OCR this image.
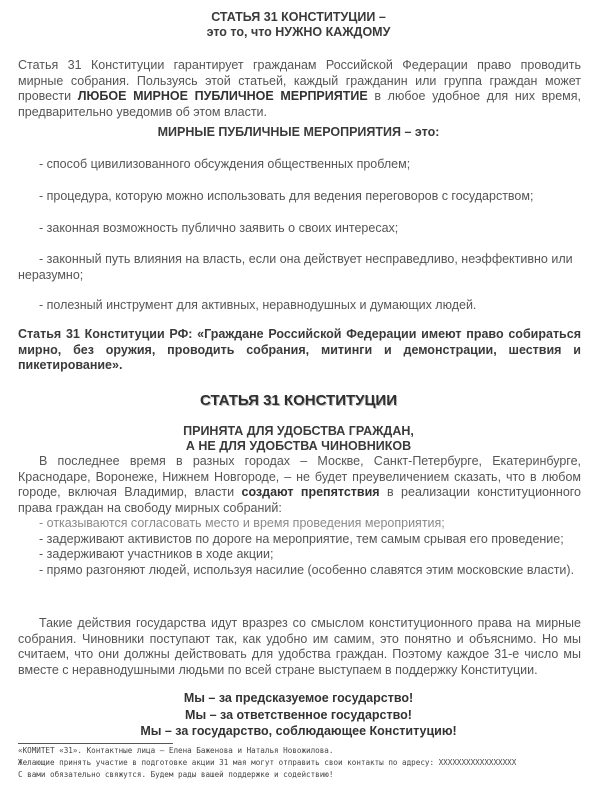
СТАТЬЯ 31 КОНСТИТУЦИИ –
это то, что НУЖНО КАЖДОМУ
Статья 31 Конституции гарантирует гражданам Российской Федерации право проводить мирные собрания. Пользуясь этой статьей, каждый гражданин или группа граждан может провести ЛЮБОЕ МИРНОЕ ПУБЛИЧНОЕ МЕРПРИЯТИЕ в любое удобное для них время, предварительно уведомив об этом власти.
МИРНЫЕ ПУБЛИЧНЫЕ МЕРОПРИЯТИЯ – это:
- способ цивилизованного обсуждения общественных проблем;
- процедура, которую можно использовать для ведения переговоров с государством;
- законная возможность публично заявить о своих интересах;
- законный путь влияния на власть, если она действует несправедливо, неэффективно или неразумно;
- полезный инструмент для активных, неравнодушных и думающих людей.
Статья 31 Конституции РФ: «Граждане Российской Федерации имеют право собираться мирно, без оружия, проводить собрания, митинги и демонстрации, шествия и пикетирование».
СТАТЬЯ 31 КОНСТИТУЦИИ
ПРИНЯТА ДЛЯ УДОБСТВА ГРАЖДАН,
А НЕ ДЛЯ УДОБСТВА ЧИНОВНИКОВ
В последнее время в разных городах – Москве, Санкт-Петербурге, Екатеринбурге, Краснодаре, Воронеже, Нижнем Новгороде, – не будет преувеличением сказать, что в любом городе, включая Владимир, власти создают препятствия в реализации конституционного права граждан на свободу мирных собраний:
- отказываются согласовать место и время проведения мероприятия;
- задерживают активистов по дороге на мероприятие, тем самым срывая его проведение;
- задерживают участников в ходе акции;
- прямо разгоняют людей, используя насилие (особенно славятся этим московские власти).
Такие действия государства идут вразрез со смыслом конституционного права на мирные собрания. Чиновники поступают так, как удобно им самим, это понятно и объяснимо. Но мы считаем, что они должны действовать для удобства граждан. Поэтому каждое 31-е число мы вместе с неравнодушными людьми по всей стране выступаем в поддержку Конституции.
Мы – за предсказуемое государство!
Мы – за ответственное государство!
Мы – за государство, соблюдающее Конституцию!
«КОМИТЕТ «31». Контактные лица – Елена Баженова и Наталья Новожилова.
Желающие принять участие в подготовке акции 31 мая могут отправить свои контакты по адресу: ХХХХХХХХХХХХХХХХХ
С вами обязательно свяжутся. Будем рады вашей поддержке и содействию!
